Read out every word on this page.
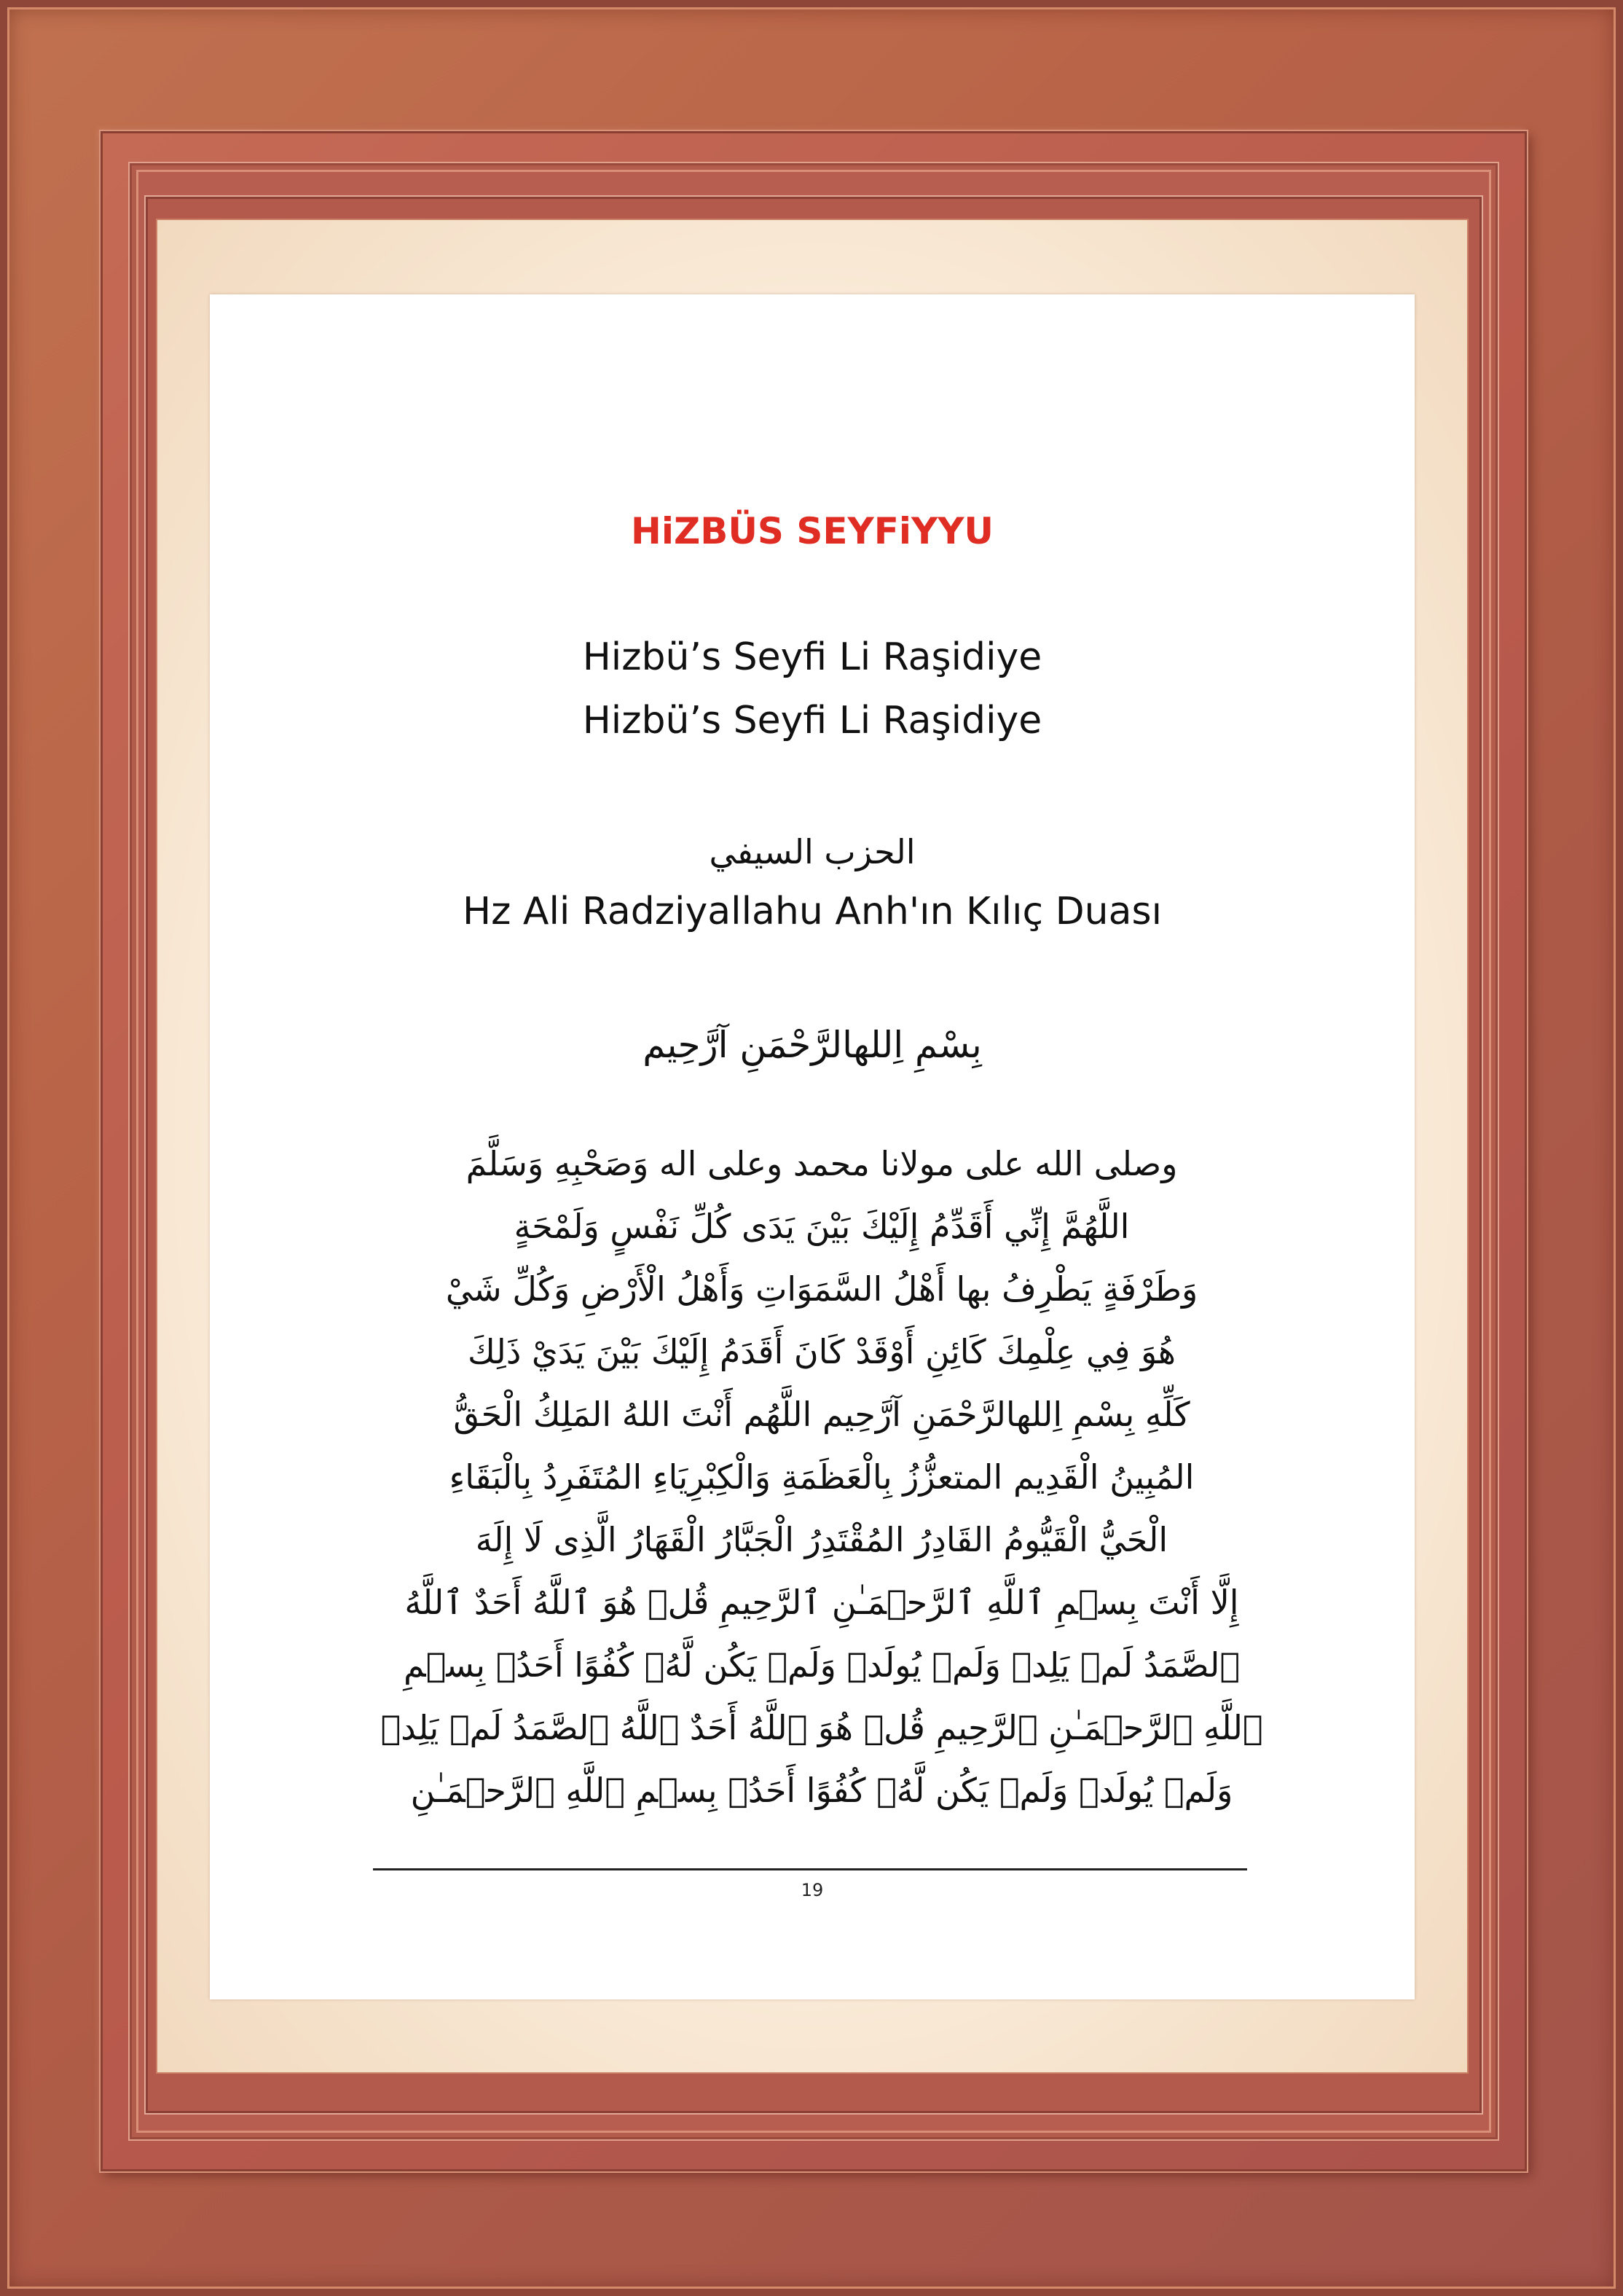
HiZBÜS SEYFiYYU
Hizbü’s Seyfi Li Raşidiye
Hizbü’s Seyfi Li Raşidiye
الحزب السيفي
Hz Ali Radziyallahu Anh'ın Kılıç Duası
بِسْمِ اِللهالرَّحْمَنِ آرَّحِيم
وصلى الله على مولانا محمد وعلى اله وَصَحْبِهِ وَسَلَّمَ
اللَّهُمَّ إِنِّي أَقَدِّمُ إِلَيْكَ بَيْنَ يَدَى كُلِّ نَفْسٍ وَلَمْحَةٍ
وَطَرْفَةٍ يَطْرِفُ بها أَهْلُ السَّمَوَاتِ وَأَهْلُ الْأَرْضِ وَكُلِّ شَيْ
هُوَ فِي عِلْمِكَ كَائِنِ أَوْقَدْ كَانَ أَقَدَمُ إِلَيْكَ بَيْنَ يَدَيْ ذَلِكَ
كَلِّهِ بِسْمِ اِللهالرَّحْمَنِ آرَّحِيم اللَّهُم أَنْتَ اللهُ المَلِكُ الْحَقُّ
المُبِينُ الْقَدِيم المتعزُّزُ بِالْعَظَمَةِ وَالْكِبْرِيَاءِ المُتَفَرِدُ بِالْبَقَاءِ
الْحَيُّ الْقَيُّومُ القَادِرُ المُقْتَدِرُ الْجَبَّارُ الْقَهَارُ الَّذِى لَا إِلَهَ
إِلَّا أَنْتَ بِسۡمِ ٱللَّهِ ٱلرَّحۡمَـٰنِ ٱلرَّحِيمِ قُلۡ هُوَ ٱللَّهُ أَحَدٌ ٱللَّهُ
ٱلصَّمَدُ لَمۡ يَلِدۡ وَلَمۡ يُولَدۡ وَلَمۡ يَكُن لَّهُۥ كُفُوًا أَحَدُۢ بِسۡمِ
ٱللَّهِ ٱلرَّحۡمَـٰنِ ٱلرَّحِيمِ قُلۡ هُوَ ٱللَّهُ أَحَدٌ ٱللَّهُ ٱلصَّمَدُ لَمۡ يَلِدۡ
وَلَمۡ يُولَدۡ وَلَمۡ يَكُن لَّهُۥ كُفُوًا أَحَدُۢ بِسۡمِ ٱللَّهِ ٱلرَّحۡمَـٰنِ
19
